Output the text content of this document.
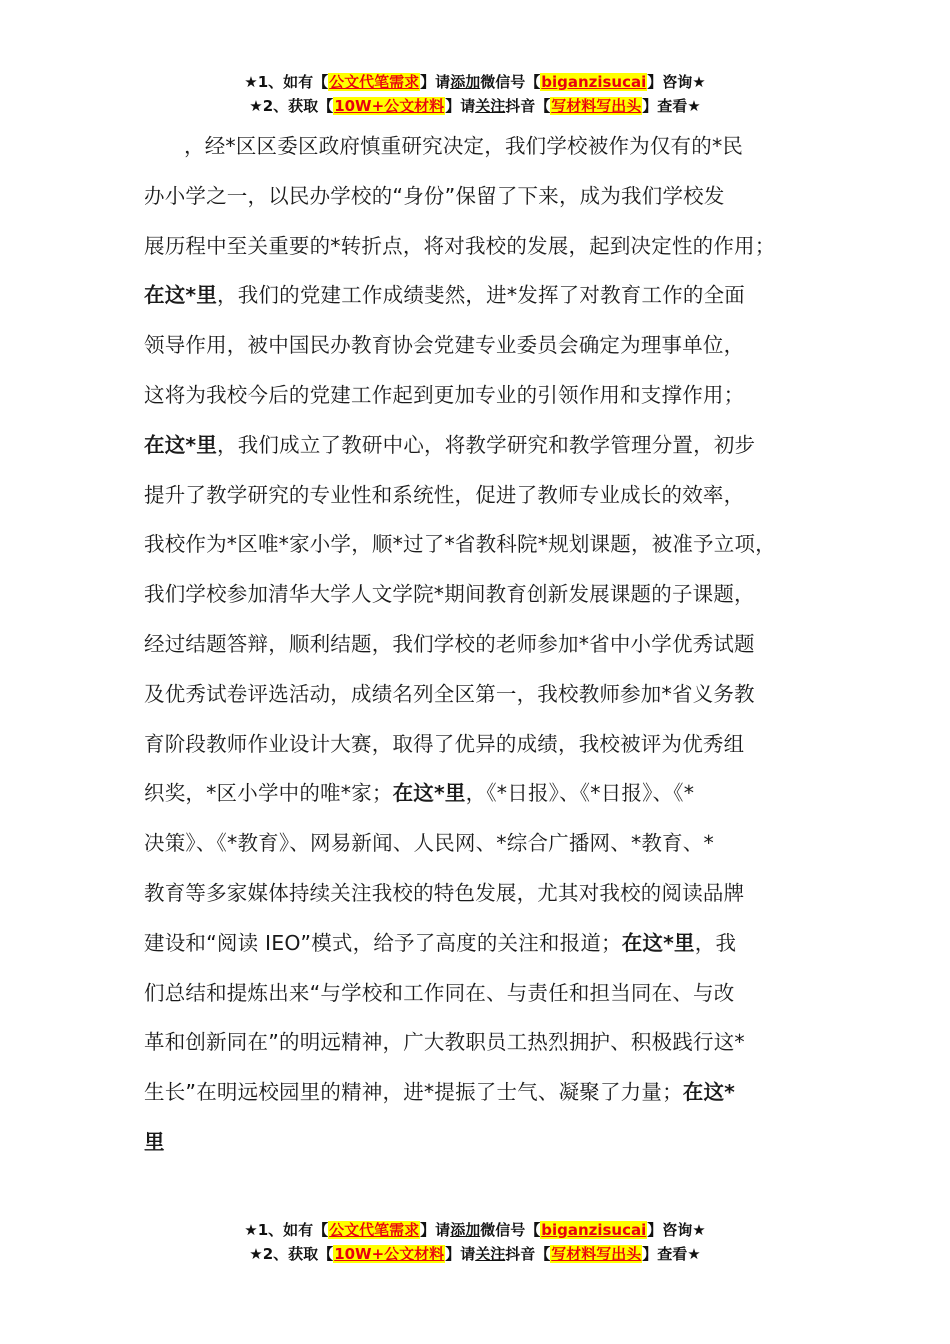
★1、如有【公文代笔需求】请添加微信号【biganzisucai】咨询★
★2、获取【10W+公文材料】请关注抖音【写材料写出头】查看★
，经*区区委区政府慎重研究决定，我们学校被作为仅有的*民
办小学之一，以民办学校的“身份”保留了下来，成为我们学校发
展历程中至关重要的*转折点，将对我校的发展，起到决定性的作用；
在这*里，我们的党建工作成绩斐然，进*发挥了对教育工作的全面
领导作用，被中国民办教育协会党建专业委员会确定为理事单位，
这将为我校今后的党建工作起到更加专业的引领作用和支撑作用；
在这*里，我们成立了教研中心，将教学研究和教学管理分置，初步
提升了教学研究的专业性和系统性，促进了教师专业成长的效率，
我校作为*区唯*家小学，顺*过了*省教科院*规划课题，被准予立项，
我们学校参加清华大学人文学院*期间教育创新发展课题的子课题，
经过结题答辩，顺利结题，我们学校的老师参加*省中小学优秀试题
及优秀试卷评选活动，成绩名列全区第一，我校教师参加*省义务教
育阶段教师作业设计大赛，取得了优异的成绩，我校被评为优秀组
织奖，*区小学中的唯*家；在这*里，《*日报》、《*日报》、《*
决策》、《*教育》、网易新闻、人民网、*综合广播网、*教育、*
教育等多家媒体持续关注我校的特色发展，尤其对我校的阅读品牌
建设和“阅读 IEO”模式，给予了高度的关注和报道；在这*里，我
们总结和提炼出来“与学校和工作同在、与责任和担当同在、与改
革和创新同在”的明远精神，广大教职员工热烈拥护、积极践行这*
生长”在明远校园里的精神，进*提振了士气、凝聚了力量；在这*
里
★1、如有【公文代笔需求】请添加微信号【biganzisucai】咨询★
★2、获取【10W+公文材料】请关注抖音【写材料写出头】查看★
